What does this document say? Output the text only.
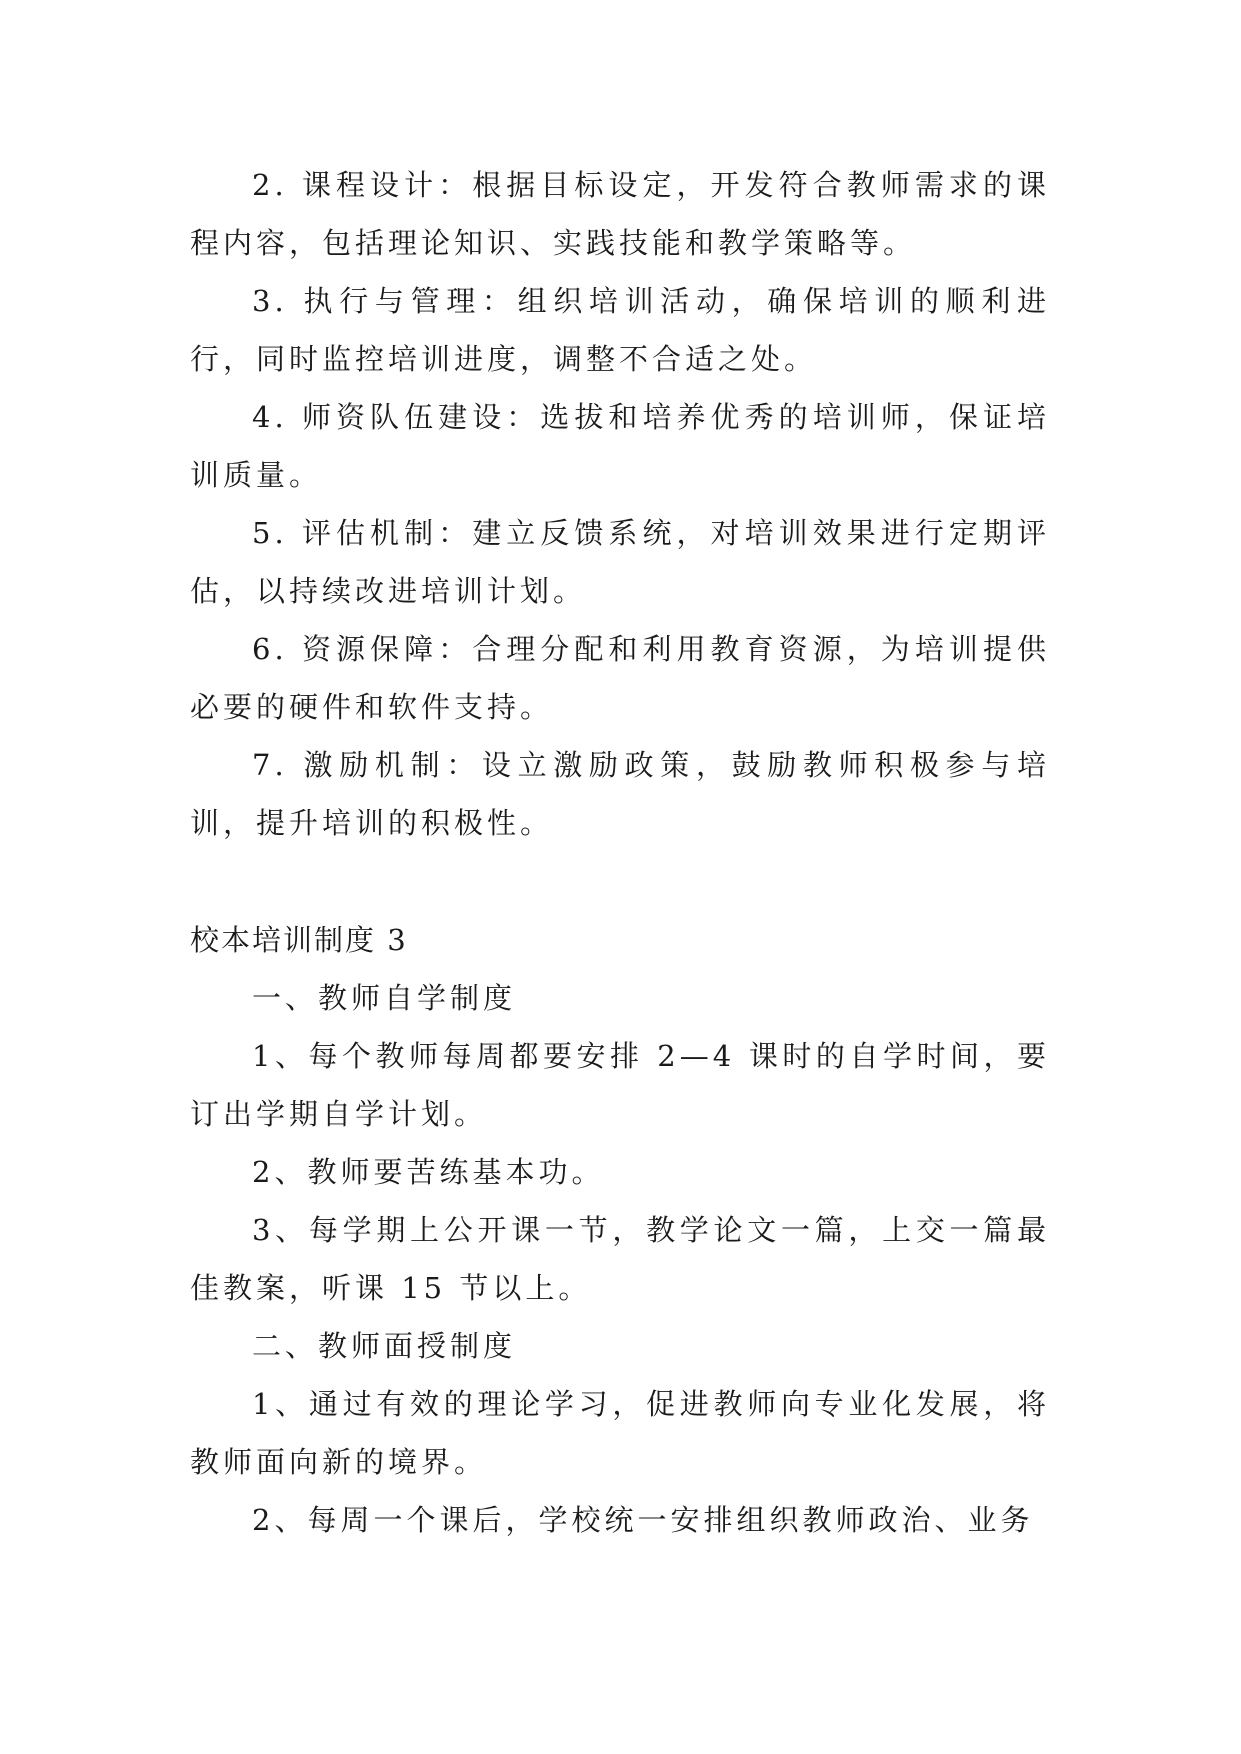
2. 课程设计：根据目标设定，开发符合教师需求的课程内容，包括理论知识、实践技能和教学策略等。

3. 执行与管理：组织培训活动，确保培训的顺利进行，同时监控培训进度，调整不合适之处。

4. 师资队伍建设：选拔和培养优秀的培训师，保证培训质量。

5. 评估机制：建立反馈系统，对培训效果进行定期评估，以持续改进培训计划。

6. 资源保障：合理分配和利用教育资源，为培训提供必要的硬件和软件支持。

7. 激励机制：设立激励政策，鼓励教师积极参与培训，提升培训的积极性。

校本培训制度 3

一、教师自学制度

1、每个教师每周都要安排 2—4 课时的自学时间，要订出学期自学计划。

2、教师要苦练基本功。

3、每学期上公开课一节，教学论文一篇，上交一篇最佳教案，听课 15 节以上。

二、教师面授制度

1、通过有效的理论学习，促进教师向专业化发展，将教师面向新的境界。

2、每周一个课后，学校统一安排组织教师政治、业务
